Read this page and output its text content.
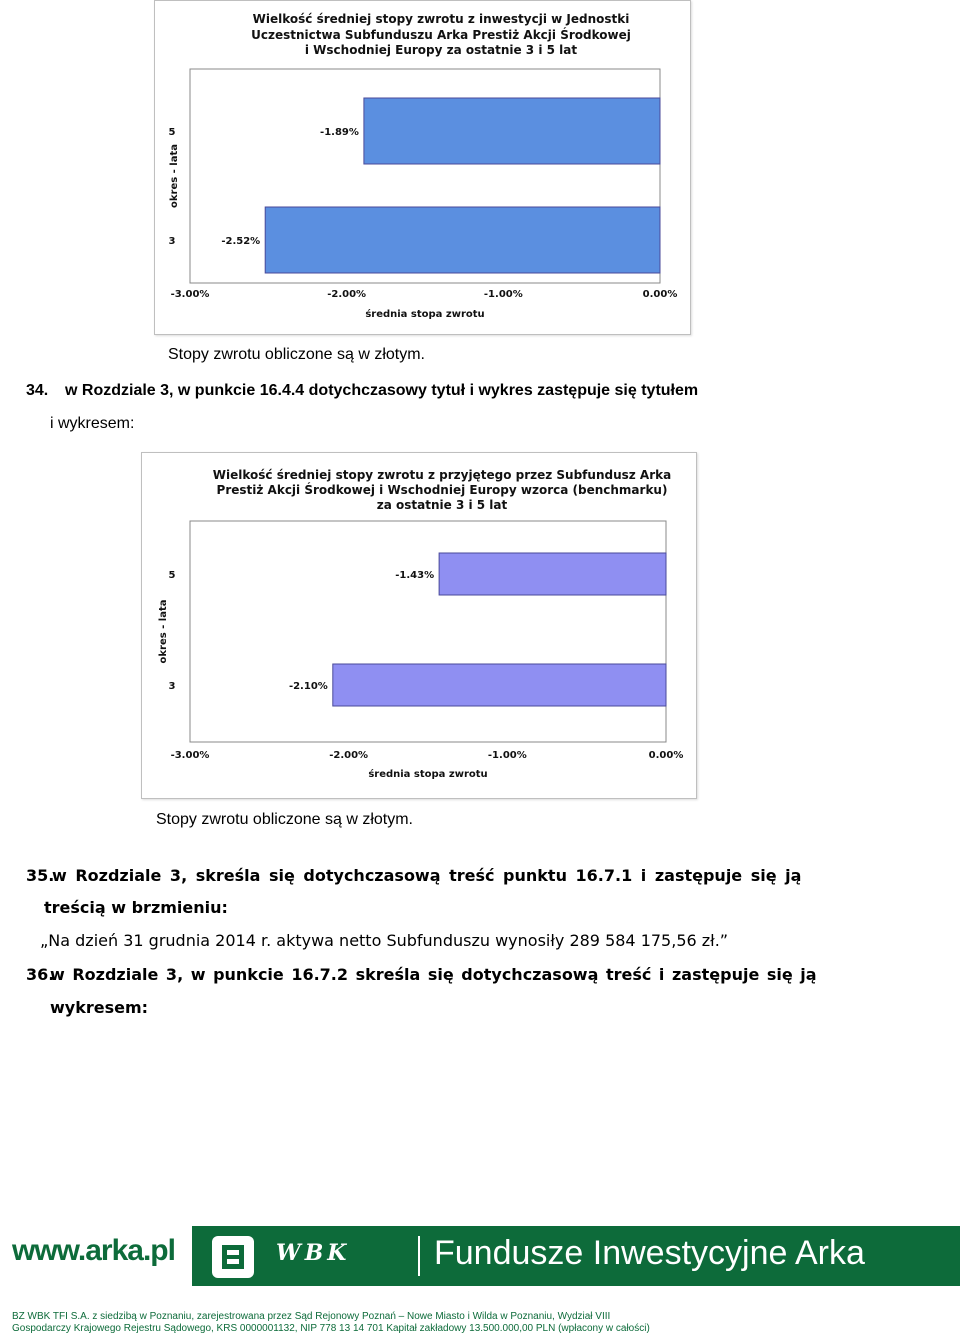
Wielkość średniej stopy zwrotu z inwestycji w Jednostki
Uczestnictwa Subfunduszu Arka Prestiż Akcji Środkowej
i Wschodniej Europy za ostatnie 3 i 5 lat
-1.89%
5
-2.52%
3
-3.00%	-2.00%	-1.00%	0.00%
średnia stopa zwrotu
okres - lata
Stopy zwrotu obliczone są w złotym.
34. w Rozdziale 3, w punkcie 16.4.4 dotychczasowy tytuł i wykres zastępuje się tytułem
i wykresem:
Wielkość średniej stopy zwrotu z przyjętego przez Subfundusz Arka
Prestiż Akcji Środkowej i Wschodniej Europy wzorca (benchmarku)
za ostatnie 3 i 5 lat
-1.43%
5
-2.10%
3
-3.00%	-2.00%	-1.00%	0.00%
średnia stopa zwrotu
okres - lata
Stopy zwrotu obliczone są w złotym.
35.
w Rozdziale 3, skreśla się dotychczasową treść punktu 16.7.1 i zastępuje się ją
treścią w brzmieniu:
„Na dzień 31 grudnia 2014 r. aktywa netto Subfunduszu wynosiły 289 584 175,56 zł.”
36.
w Rozdziale 3, w punkcie 16.7.2 skreśla się dotychczasową treść i zastępuje się ją
wykresem:
www.arka.pl	WBK	Fundusze Inwestycyjne Arka
BZ WBK TFI S.A. z siedzibą w Poznaniu, zarejestrowana przez Sąd Rejonowy Poznań – Nowe Miasto i Wilda w Poznaniu, Wydział VIII
Gospodarczy Krajowego Rejestru Sądowego, KRS 0000001132, NIP 778 13 14 701 Kapitał zakładowy 13.500.000,00 PLN (wpłacony w całości)
